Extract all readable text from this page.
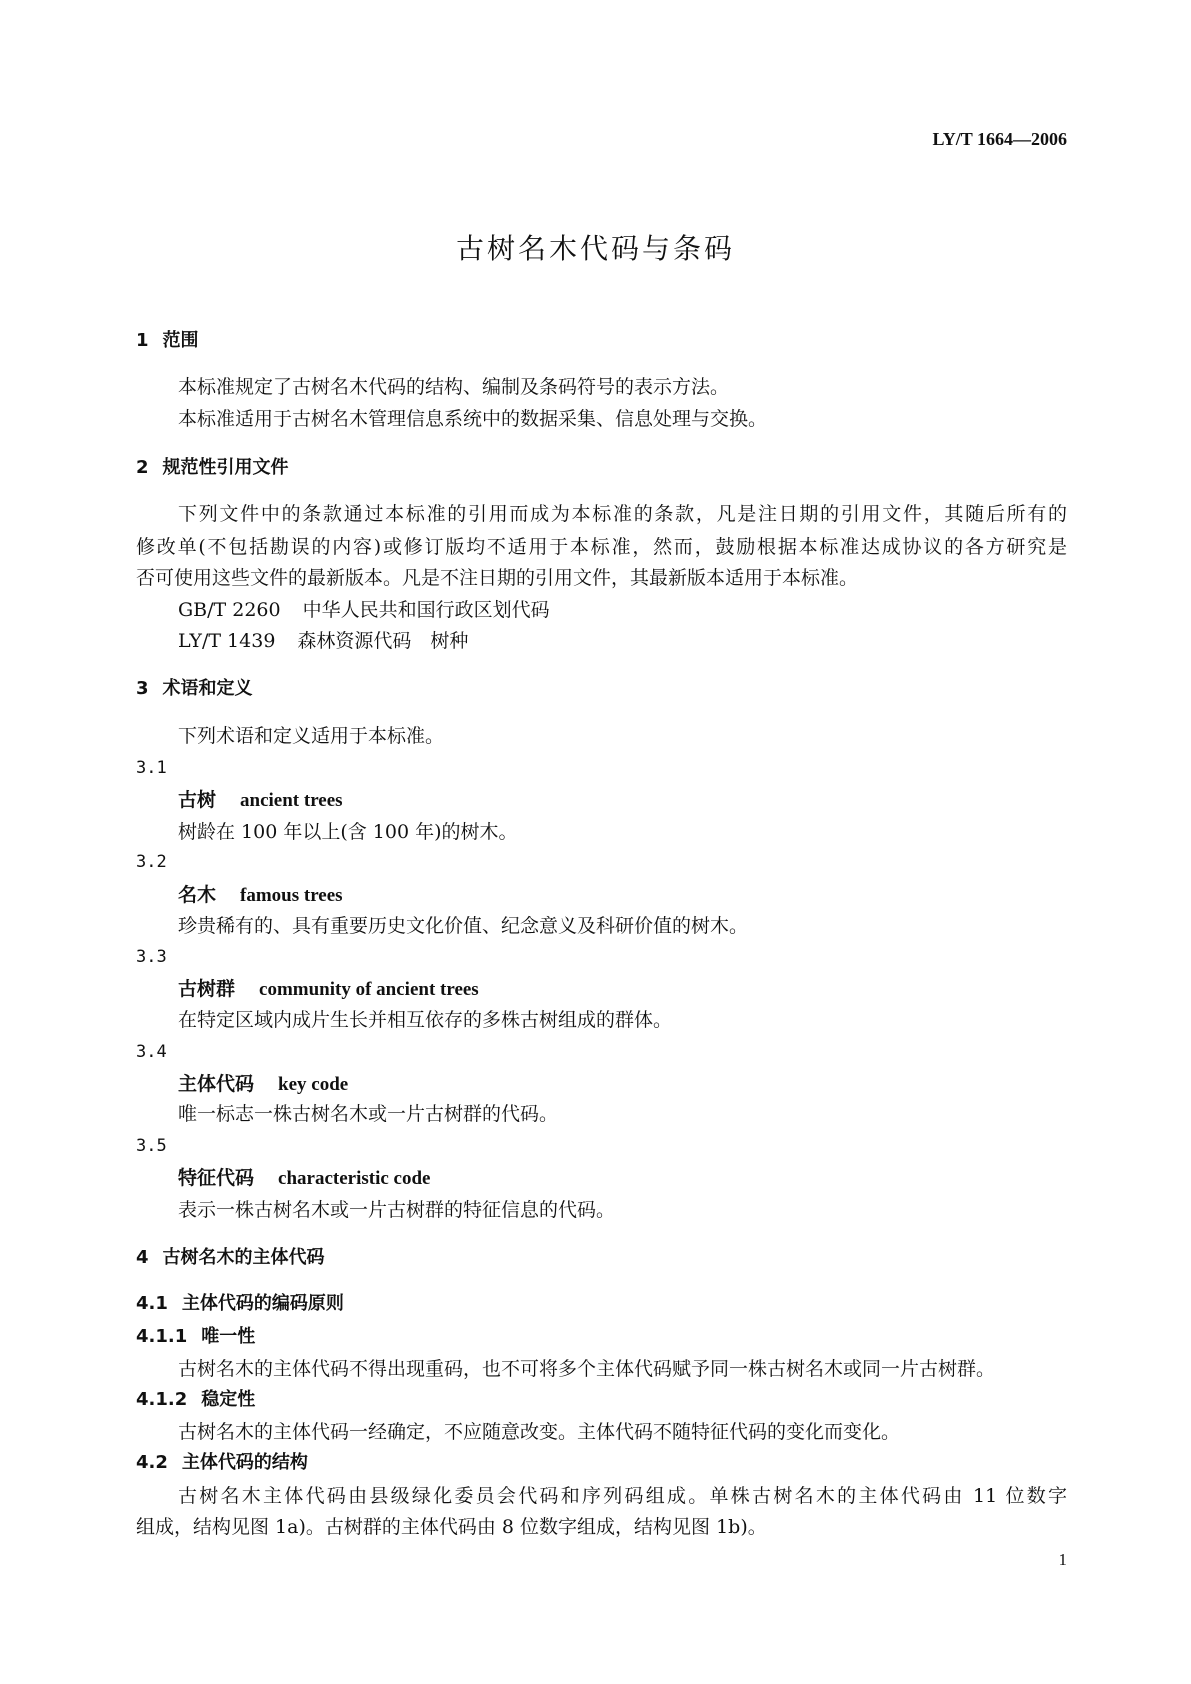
LY/T 1664—2006
古树名木代码与条码
1 范围
本标准规定了古树名木代码的结构、编制及条码符号的表示方法。
本标准适用于古树名木管理信息系统中的数据采集、信息处理与交换。
2 规范性引用文件
下列文件中的条款通过本标准的引用而成为本标准的条款，凡是注日期的引用文件，其随后所有的
修改单(不包括勘误的内容)或修订版均不适用于本标准，然而，鼓励根据本标准达成协议的各方研究是
否可使用这些文件的最新版本。凡是不注日期的引用文件，其最新版本适用于本标准。
GB/T 2260 中华人民共和国行政区划代码
LY/T 1439 森林资源代码　树种
3 术语和定义
下列术语和定义适用于本标准。
3.1
古树 ancient trees
树龄在 100 年以上(含 100 年)的树木。
3.2
名木 famous trees
珍贵稀有的、具有重要历史文化价值、纪念意义及科研价值的树木。
3.3
古树群 community of ancient trees
在特定区域内成片生长并相互依存的多株古树组成的群体。
3.4
主体代码 key code
唯一标志一株古树名木或一片古树群的代码。
3.5
特征代码 characteristic code
表示一株古树名木或一片古树群的特征信息的代码。
4 古树名木的主体代码
4.1 主体代码的编码原则
4.1.1 唯一性
古树名木的主体代码不得出现重码，也不可将多个主体代码赋予同一株古树名木或同一片古树群。
4.1.2 稳定性
古树名木的主体代码一经确定，不应随意改变。主体代码不随特征代码的变化而变化。
4.2 主体代码的结构
古树名木主体代码由县级绿化委员会代码和序列码组成。单株古树名木的主体代码由 11 位数字
组成，结构见图 1a)。古树群的主体代码由 8 位数字组成，结构见图 1b)。
1
